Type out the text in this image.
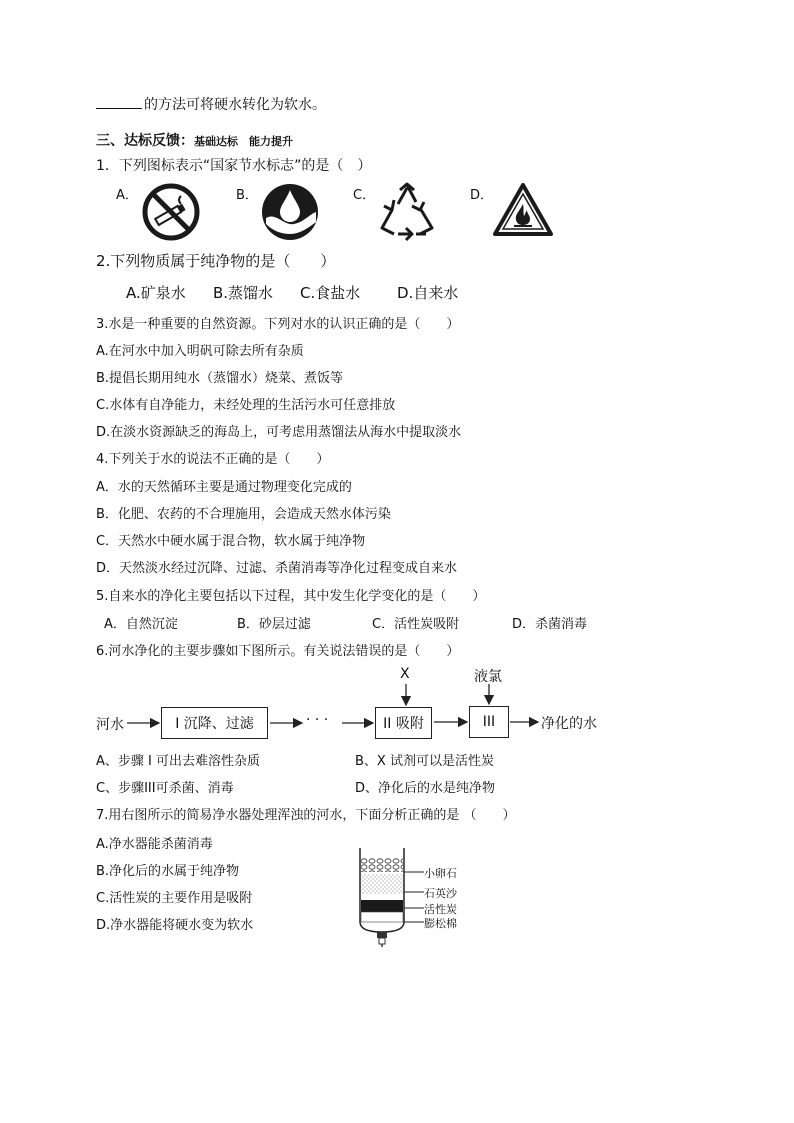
的方法可将硬水转化为软水。
三、达标反馈：基础达标　能力提升
1．下列图标表示“国家节水标志”的是（　）
A．	B．	C．	D．
2.下列物质属于纯净物的是（　　）
A.矿泉水 B.蒸馏水 C.食盐水 D.自来水
3.水是一种重要的自然资源。下列对水的认识正确的是（　　）
A.在河水中加入明矾可除去所有杂质
B.提倡长期用纯水（蒸馏水）烧菜、煮饭等
C.水体有自净能力，未经处理的生活污水可任意排放
D.在淡水资源缺乏的海岛上，可考虑用蒸馏法从海水中提取淡水
4.下列关于水的说法不正确的是（　　）
A．水的天然循环主要是通过物理变化完成的
B．化肥、农药的不合理施用，会造成天然水体污染
C．天然水中硬水属于混合物，软水属于纯净物
D．天然淡水经过沉降、过滤、杀菌消毒等净化过程变成自来水
5.自来水的净化主要包括以下过程，其中发生化学变化的是（　　）
A．自然沉淀	B．砂层过滤	C．活性炭吸附	D．杀菌消毒
6.河水净化的主要步骤如下图所示。有关说法错误的是（　　）
河水	I 沉降、过滤	· · ·	II 吸附	III	净化的水
X	液氯
A、步骤 I 可出去难溶性杂质	B、X 试剂可以是活性炭
C、步骤III可杀菌、消毒	D、净化后的水是纯净物
7.用右图所示的简易净水器处理浑浊的河水，下面分析正确的是 （　　）
A.净水器能杀菌消毒
B.净化后的水属于纯净物
C.活性炭的主要作用是吸附
D.净水器能将硬水变为软水
小卵石
石英沙
活性炭
膨松棉
